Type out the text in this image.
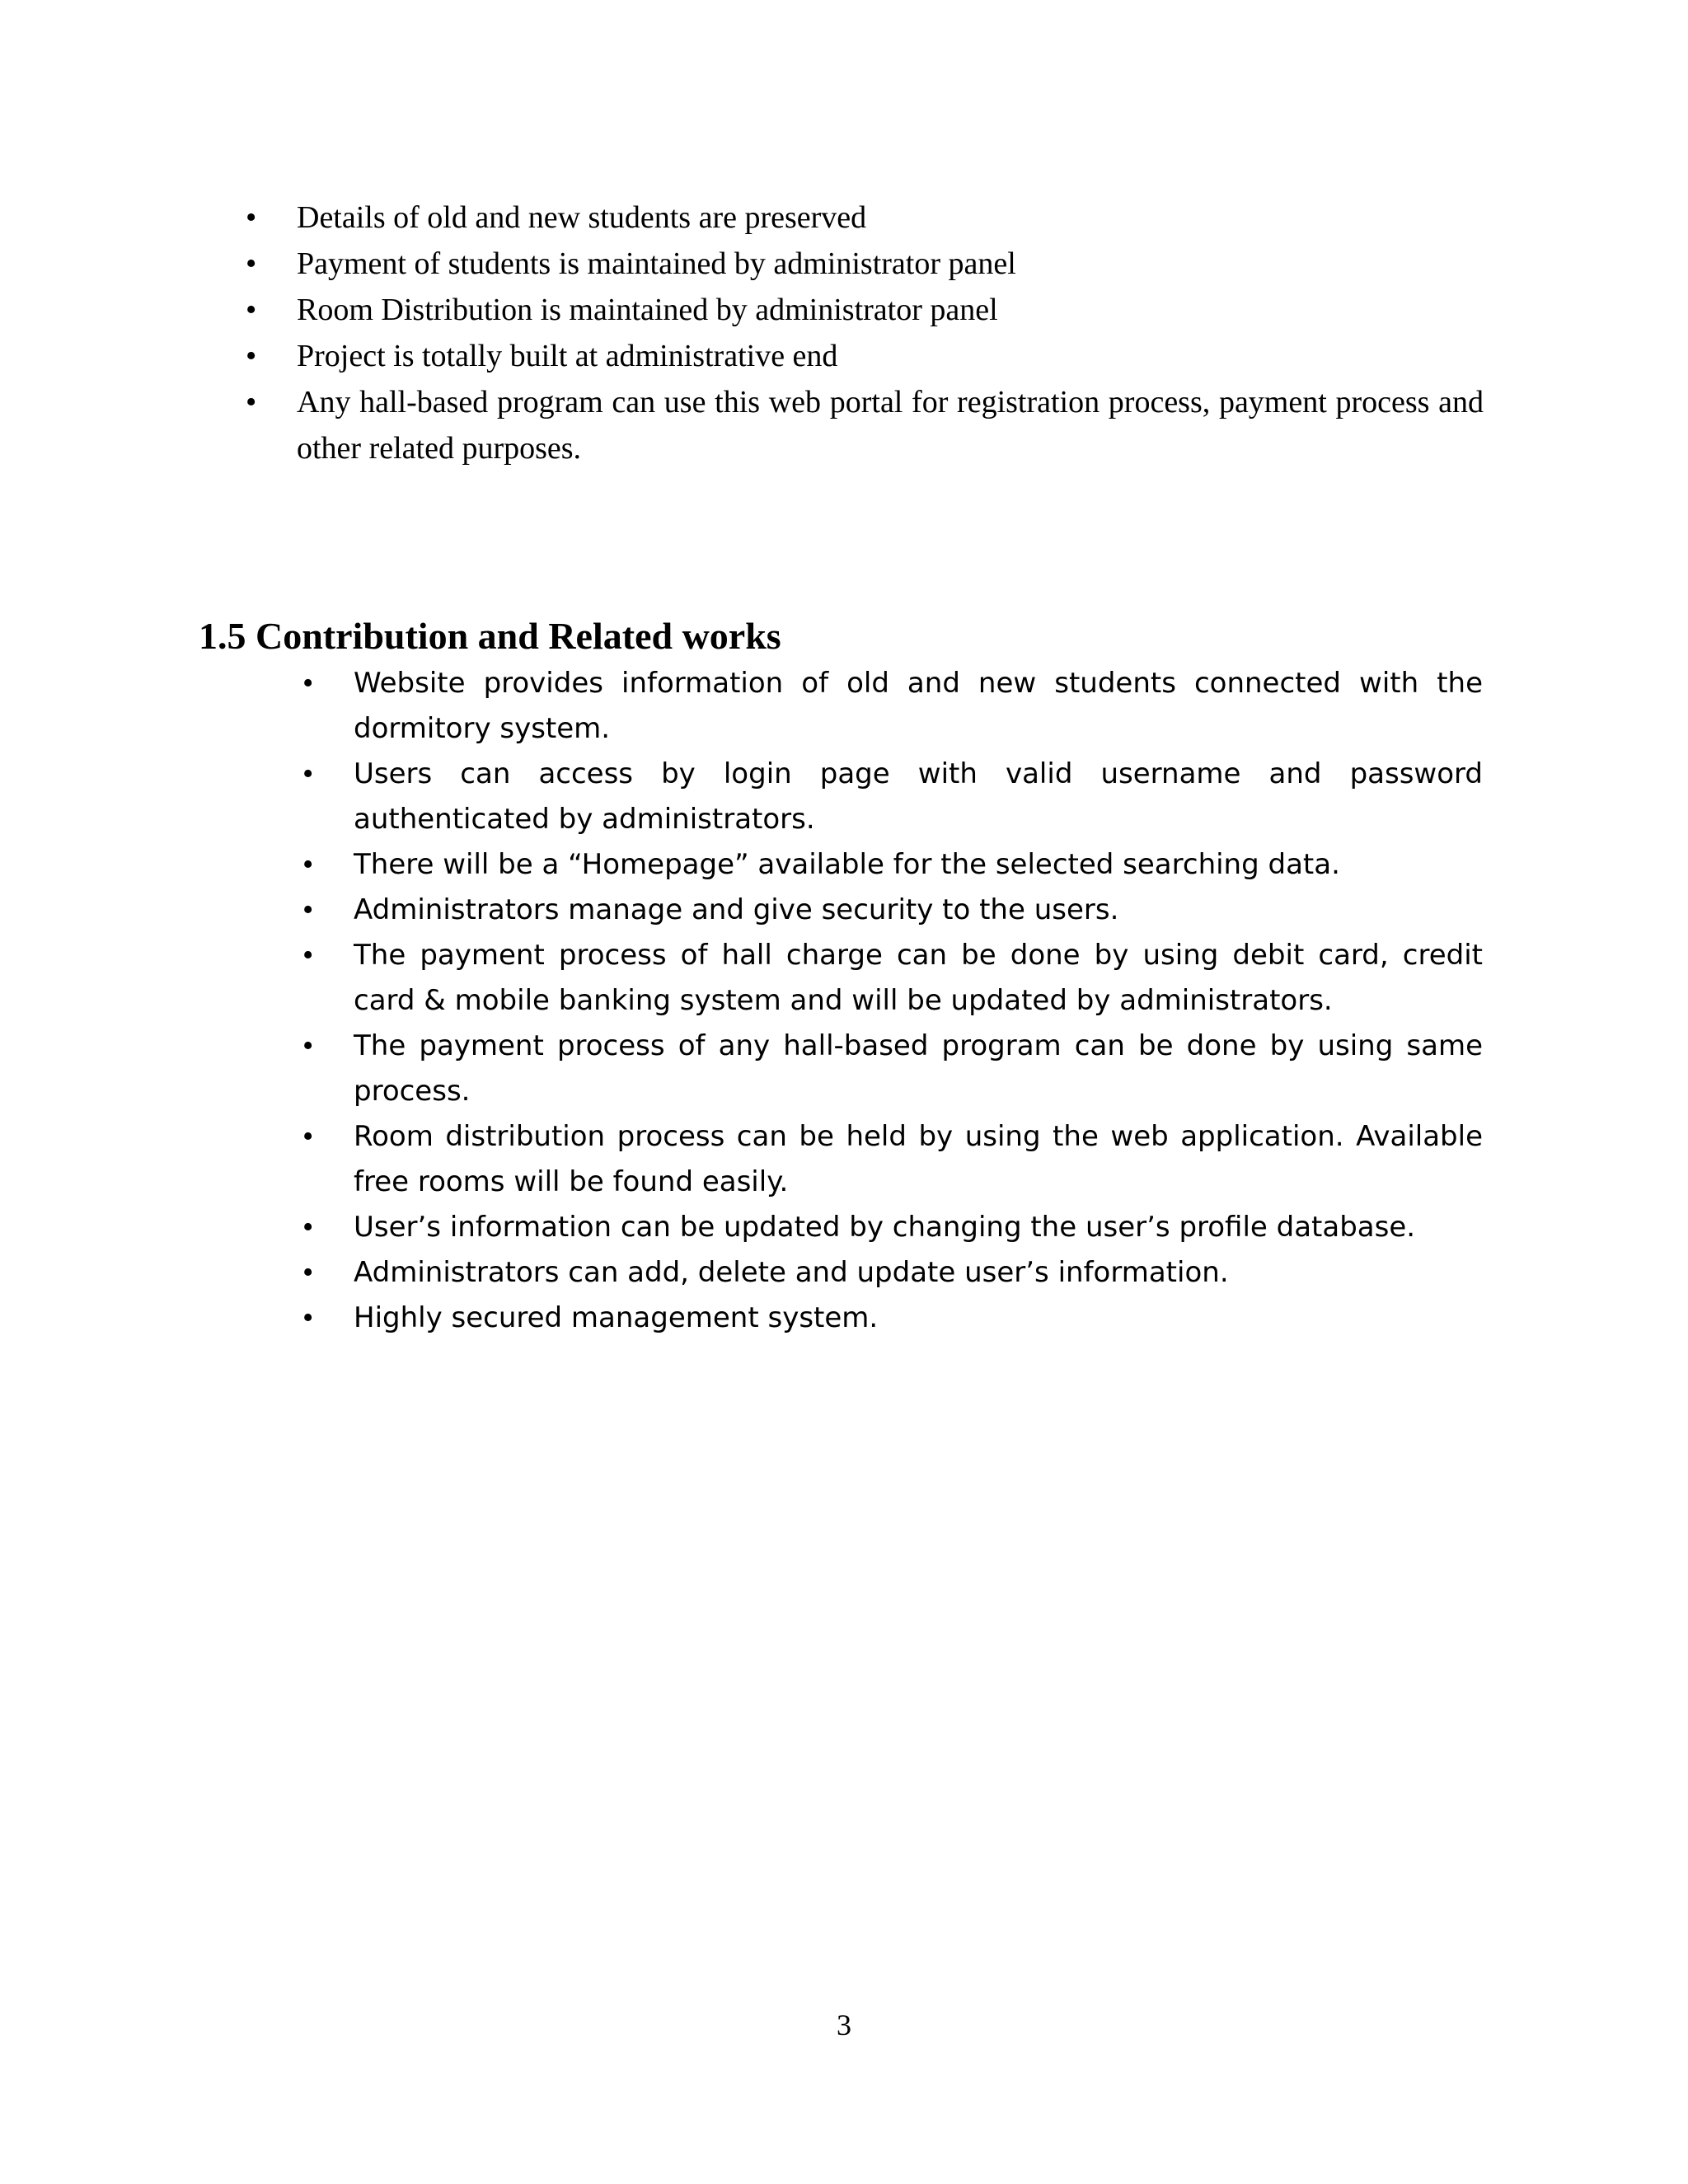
• Details of old and new students are preserved
• Payment of students is maintained by administrator panel
• Room Distribution is maintained by administrator panel
• Project is totally built at administrative end
• Any hall-based program can use this web portal for registration process, payment process and other related purposes.
1.5 Contribution and Related works
• Website provides information of old and new students connected with the dormitory system.
• Users can access by login page with valid username and password authenticated by administrators.
• There will be a “Homepage” available for the selected searching data.
• Administrators manage and give security to the users.
• The payment process of hall charge can be done by using debit card, credit card & mobile banking system and will be updated by administrators.
• The payment process of any hall-based program can be done by using same process.
• Room distribution process can be held by using the web application. Available free rooms will be found easily.
• User’s information can be updated by changing the user’s profile database.
• Administrators can add, delete and update user’s information.
• Highly secured management system.
3
